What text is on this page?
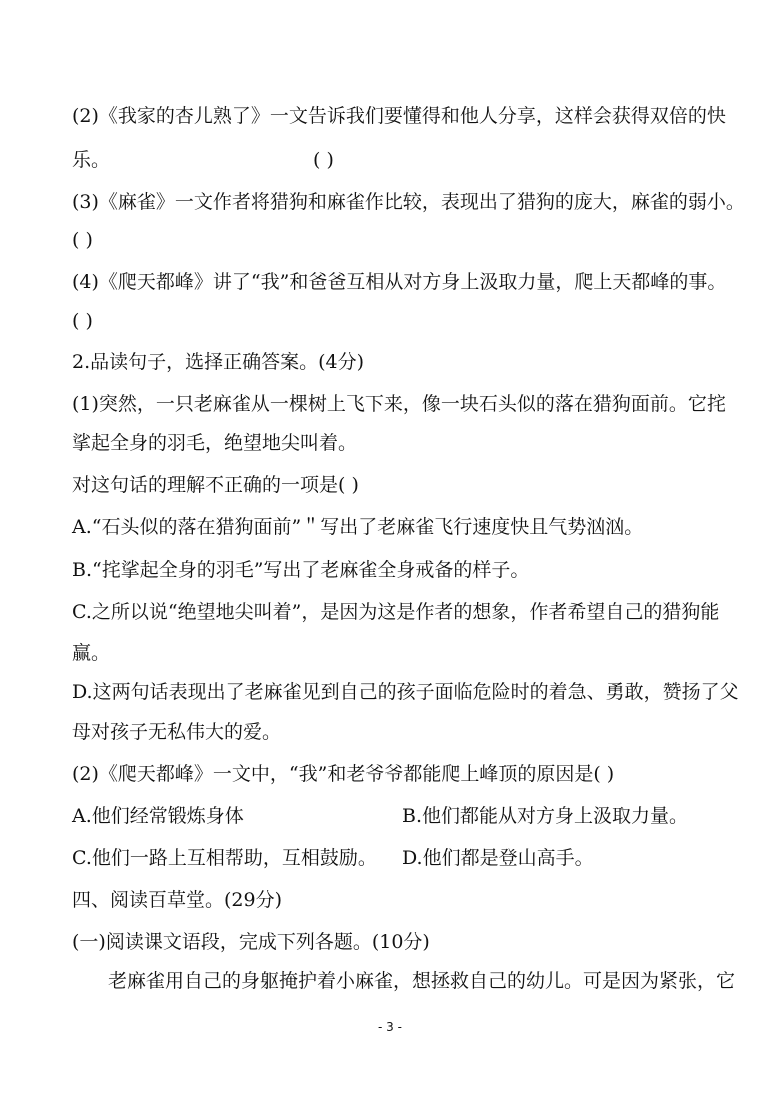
(2)《我家的杏儿熟了》一文告诉我们要懂得和他人分享，这样会获得双倍的快
乐。	( )
(3)《麻雀》一文作者将猎狗和麻雀作比较，表现出了猎狗的庞大，麻雀的弱小。
( )
(4)《爬天都峰》讲了“我”和爸爸互相从对方身上汲取力量，爬上天都峰的事。
( )
2.品读句子，选择正确答案。(4分)
(1)突然，一只老麻雀从一棵树上飞下来，像一块石头似的落在猎狗面前。它挓
挲起全身的羽毛，绝望地尖叫着。
对这句话的理解不正确的一项是( )
A.“石头似的落在猎狗面前”＂写出了老麻雀飞行速度快且气势汹汹。
B.“挓挲起全身的羽毛”写出了老麻雀全身戒备的样子。
C.之所以说“绝望地尖叫着”，是因为这是作者的想象，作者希望自己的猎狗能
赢。
D.这两句话表现出了老麻雀见到自己的孩子面临危险时的着急、勇敢，赞扬了父
母对孩子无私伟大的爱。
(2)《爬天都峰》一文中，“我”和老爷爷都能爬上峰顶的原因是( )
A.他们经常锻炼身体	B.他们都能从对方身上汲取力量。
C.他们一路上互相帮助，互相鼓励。 D.他们都是登山高手。
四、阅读百草堂。(29分)
(一)阅读课文语段，完成下列各题。(10分)
老麻雀用自己的身躯掩护着小麻雀，想拯救自己的幼儿。可是因为紧张，它
- 3 -
